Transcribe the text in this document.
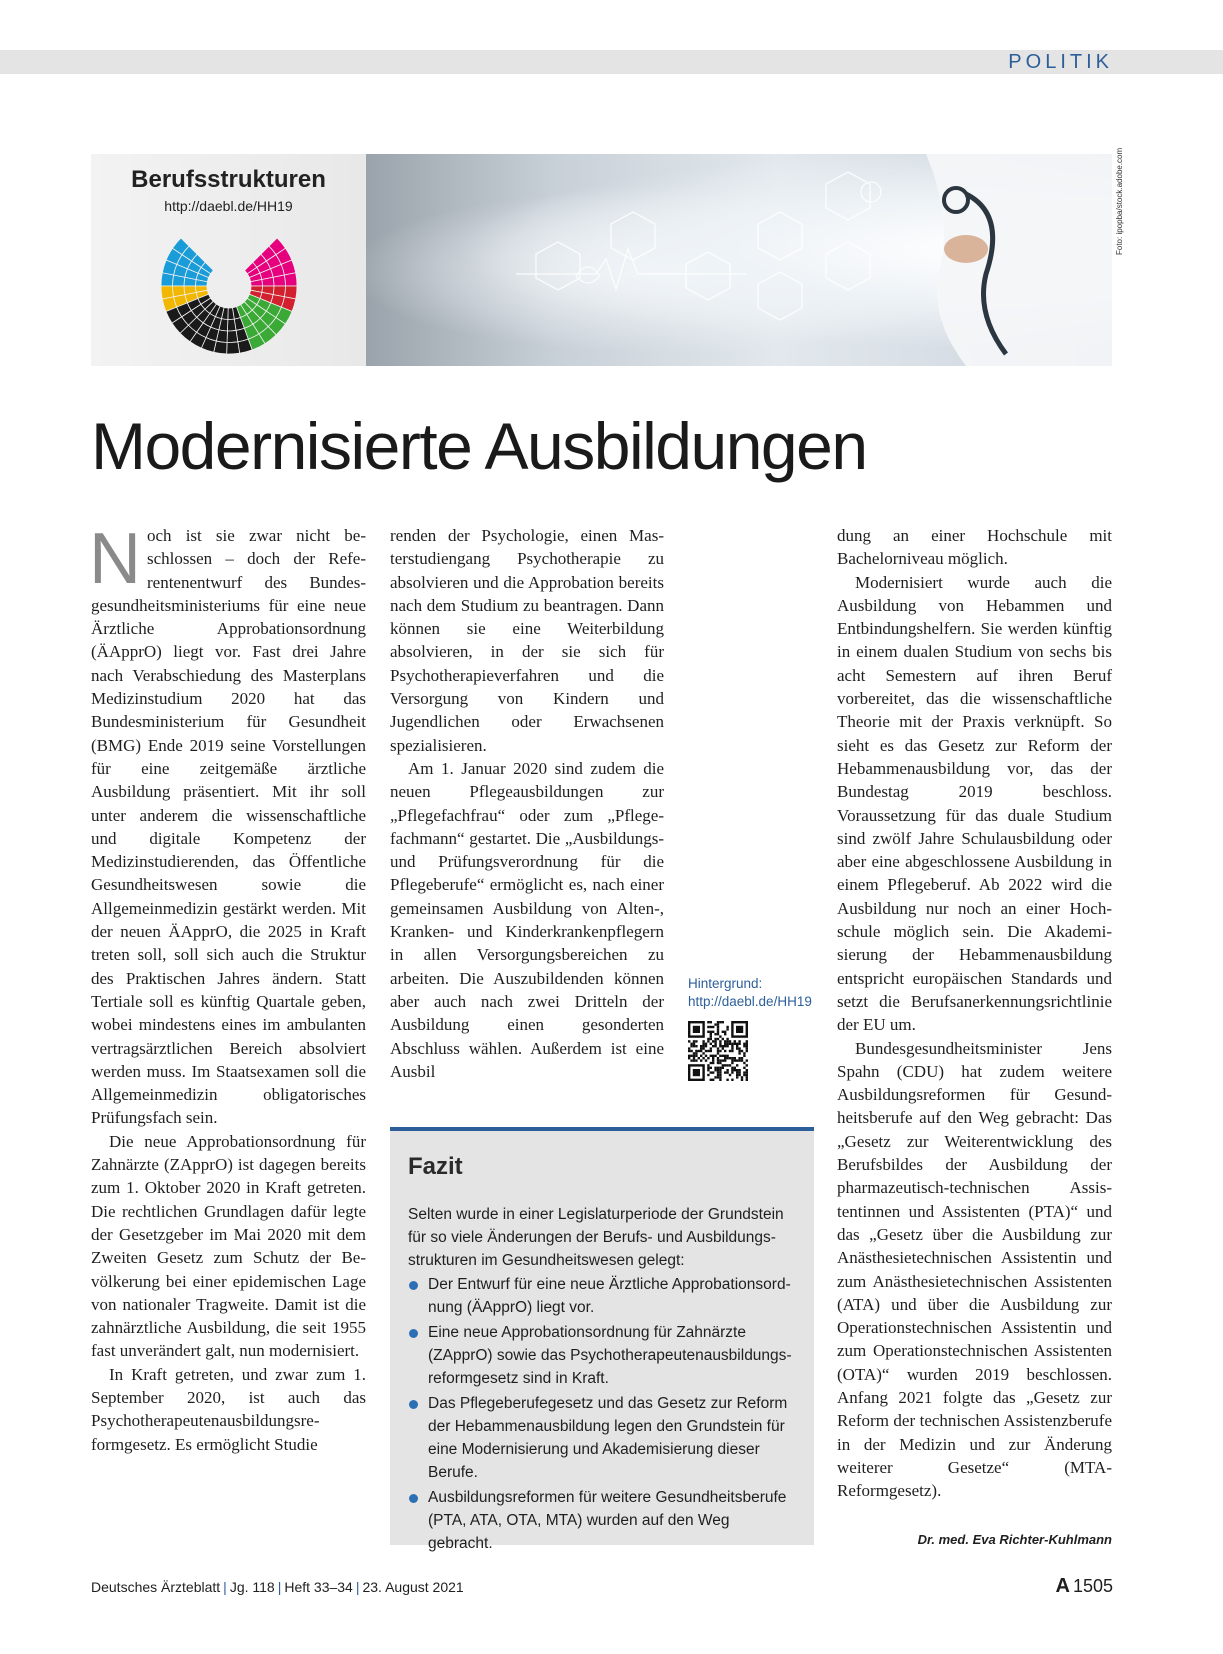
POLITIK
Berufsstrukturen
http://daebl.de/HH19	Foto: ipopba/stock.adobe.com
Modernisierte Ausbildungen

Noch ist sie zwar nicht beschlossen – doch der Referentenentwurf des Bundesgesundheitsministeriums für eine neue Ärztliche Approbationsordnung (ÄApprO) liegt vor. Fast drei Jahre nach Verabschiedung des Masterplans Medizinstudium 2020 hat das Bundesministerium für Gesundheit (BMG) Ende 2019 seine Vorstellungen für eine zeitgemäße ärztliche Ausbildung präsentiert. Mit ihr soll unter anderem die wissenschaftliche und digitale Kompetenz der Medizinstudierenden, das Öffentliche Gesundheitswesen sowie die Allgemeinmedizin gestärkt werden. Mit der neuen ÄApprO, die 2025 in Kraft treten soll, soll sich auch die Struktur des Praktischen Jahres ändern. Statt Tertiale soll es künftig Quartale geben, wobei mindestens eines im ambulanten vertragsärztlichen Bereich absolviert werden muss. Im Staatsexamen soll die Allgemeinmedizin obligatorisches Prüfungsfach sein.

Die neue Approbationsordnung für Zahnärzte (ZApprO) ist dagegen bereits zum 1. Oktober 2020 in Kraft getreten. Die rechtlichen Grundlagen dafür legte der Gesetzgeber im Mai 2020 mit dem Zweiten Gesetz zum Schutz der Bevölkerung bei einer epidemischen Lage von nationaler Tragweite. Damit ist die zahnärztliche Ausbildung, die seit 1955 fast unverändert galt, nun modernisiert.

In Kraft getreten, und zwar zum 1. September 2020, ist auch das Psychotherapeutenausbildungsreformgesetz. Es ermöglicht Studie

renden der Psychologie, einen Masterstudiengang Psychotherapie zu absolvieren und die Approbation bereits nach dem Studium zu beantragen. Dann können sie eine Weiterbildung absolvieren, in der sie sich für Psychotherapieverfahren und die Versorgung von Kindern und Jugendlichen oder Erwachsenen spezialisieren.

Am 1. Januar 2020 sind zudem die neuen Pflegeausbildungen zur „Pflegefachfrau“ oder zum „Pflegefachmann“ gestartet. Die „Ausbildungs- und Prüfungsverordnung für die Pflegeberufe“ ermöglicht es, nach einer gemeinsamen Ausbildung von Alten-, Kranken- und Kinderkrankenpflegern in allen Versorgungsbereichen zu arbeiten. Die Auszubildenden können aber auch nach zwei Dritteln der Ausbildung einen gesonderten Abschluss wählen. Außerdem ist eine Ausbil

dung an einer Hochschule mit Bachelorniveau möglich.

Modernisiert wurde auch die Ausbildung von Hebammen und Entbindungshelfern. Sie werden künftig in einem dualen Studium von sechs bis acht Semestern auf ihren Beruf vorbereitet, das die wissenschaftliche Theorie mit der Praxis verknüpft. So sieht es das Gesetz zur Reform der Hebammenausbildung vor, das der Bundestag 2019 beschloss. Voraussetzung für das duale Studium sind zwölf Jahre Schulausbildung oder aber eine abgeschlossene Ausbildung in einem Pflegeberuf. Ab 2022 wird die Ausbildung nur noch an einer Hochschule möglich sein. Die Akademisierung der Hebammenausbildung entspricht europäischen Standards und setzt die Berufsanerkennungsrichtlinie der EU um.

Bundesgesundheitsminister Jens Spahn (CDU) hat zudem weitere Ausbildungsreformen für Gesundheitsberufe auf den Weg gebracht: Das „Gesetz zur Weiterentwicklung des Berufsbildes der Ausbildung der pharmazeutisch-technischen Assistentinnen und Assistenten (PTA)“ und das „Gesetz über die Ausbildung zur Anästhesietechnischen Assistentin und zum Anästhesietechnischen Assistenten (ATA) und über die Ausbildung zur Operationstechnischen Assistentin und zum Operationstechnischen Assistenten (OTA)“ wurden 2019 beschlossen. Anfang 2021 folgte das „Gesetz zur Reform der technischen Assistenzberufe in der Medizin und zur Änderung weiterer Gesetze“ (MTA-Reformgesetz).

Hintergrund:
http://daebl.de/HH19
Fazit
Selten wurde in einer Legislaturperiode der Grundstein für so viele Änderungen der Berufs- und Ausbildungsstrukturen im Gesundheitswesen gelegt:
Der Entwurf für eine neue Ärztliche Approbationsordnung (ÄApprO) liegt vor.
Eine neue Approbationsordnung für Zahnärzte (ZApprO) sowie das Psychotherapeutenausbildungsreformgesetz sind in Kraft.
Das Pflegeberufegesetz und das Gesetz zur Reform der Hebammenausbildung legen den Grundstein für eine Modernisierung und Akademisierung dieser Berufe.
Ausbildungsreformen für weitere Gesundheitsberufe (PTA, ATA, OTA, MTA) wurden auf den Weg gebracht.	Dr. med. Eva Richter-Kuhlmann
Deutsches Ärzteblatt | Jg. 118 | Heft 33–34 | 23. August 2021	A 1505
